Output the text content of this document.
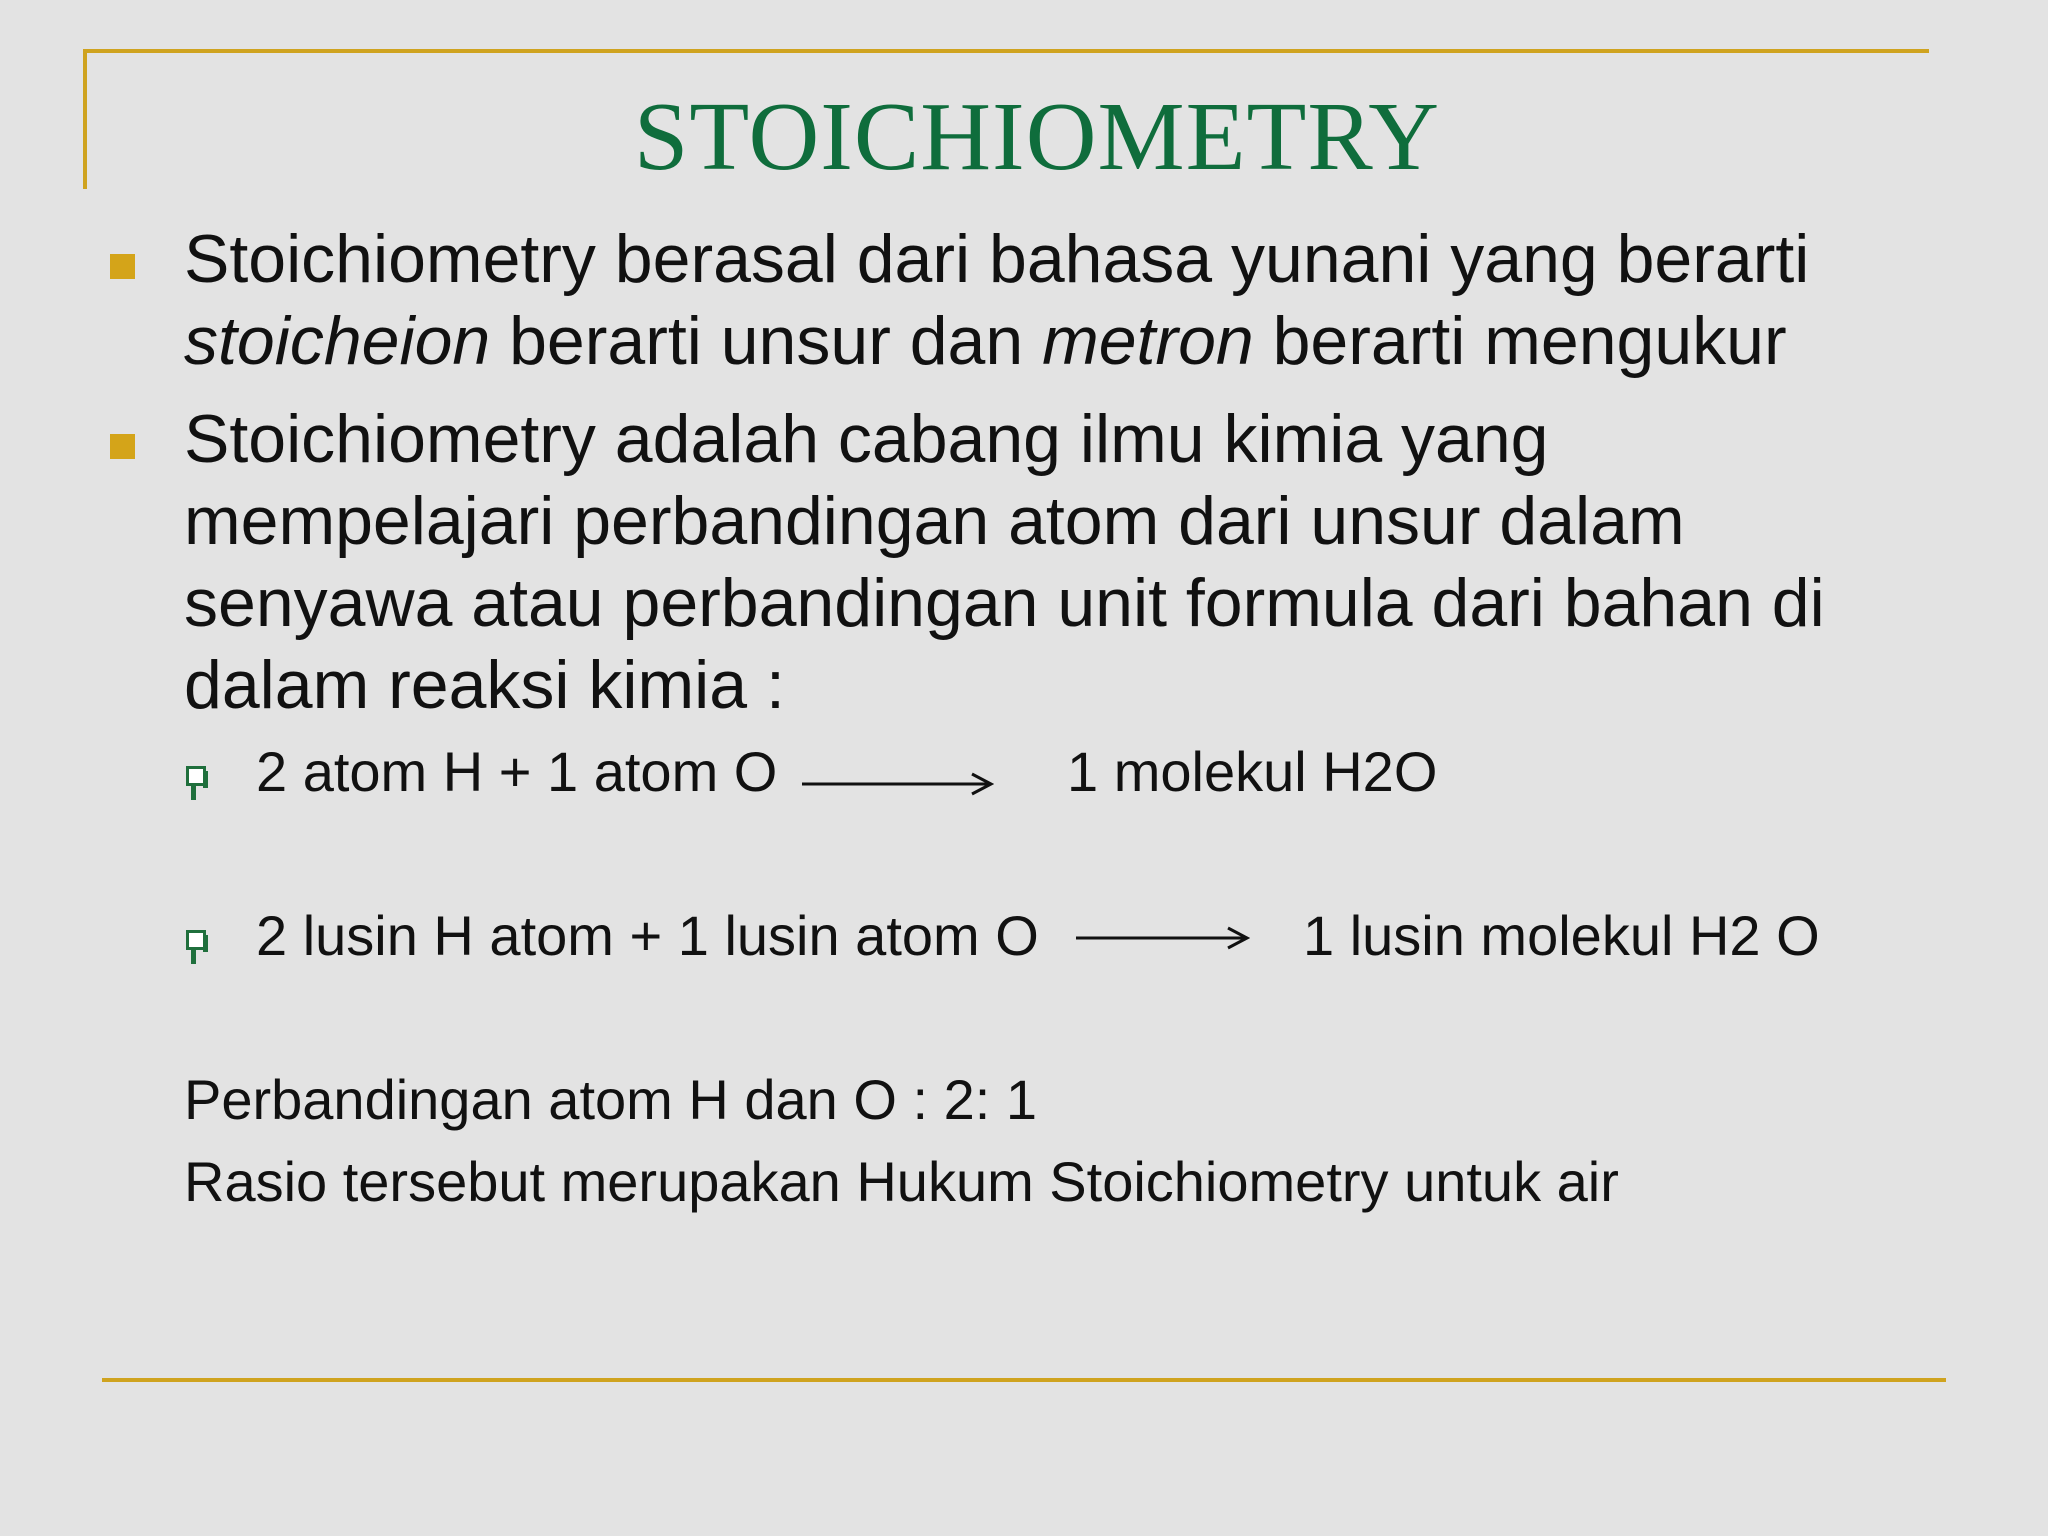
STOICHIOMETRY
Stoichiometry berasal dari bahasa yunani yang berarti
stoicheion berarti unsur dan metron berarti mengukur
Stoichiometry adalah cabang ilmu kimia yang mempelajari perbandingan atom dari unsur dalam senyawa atau perbandingan unit formula dari bahan di dalam reaksi kimia :
2 atom H + 1 atom O	1 molekul H2O
2 lusin H atom + 1 lusin atom O	1 lusin molekul H2 O
Perbandingan atom H dan O : 2: 1
Rasio tersebut merupakan Hukum Stoichiometry untuk air
